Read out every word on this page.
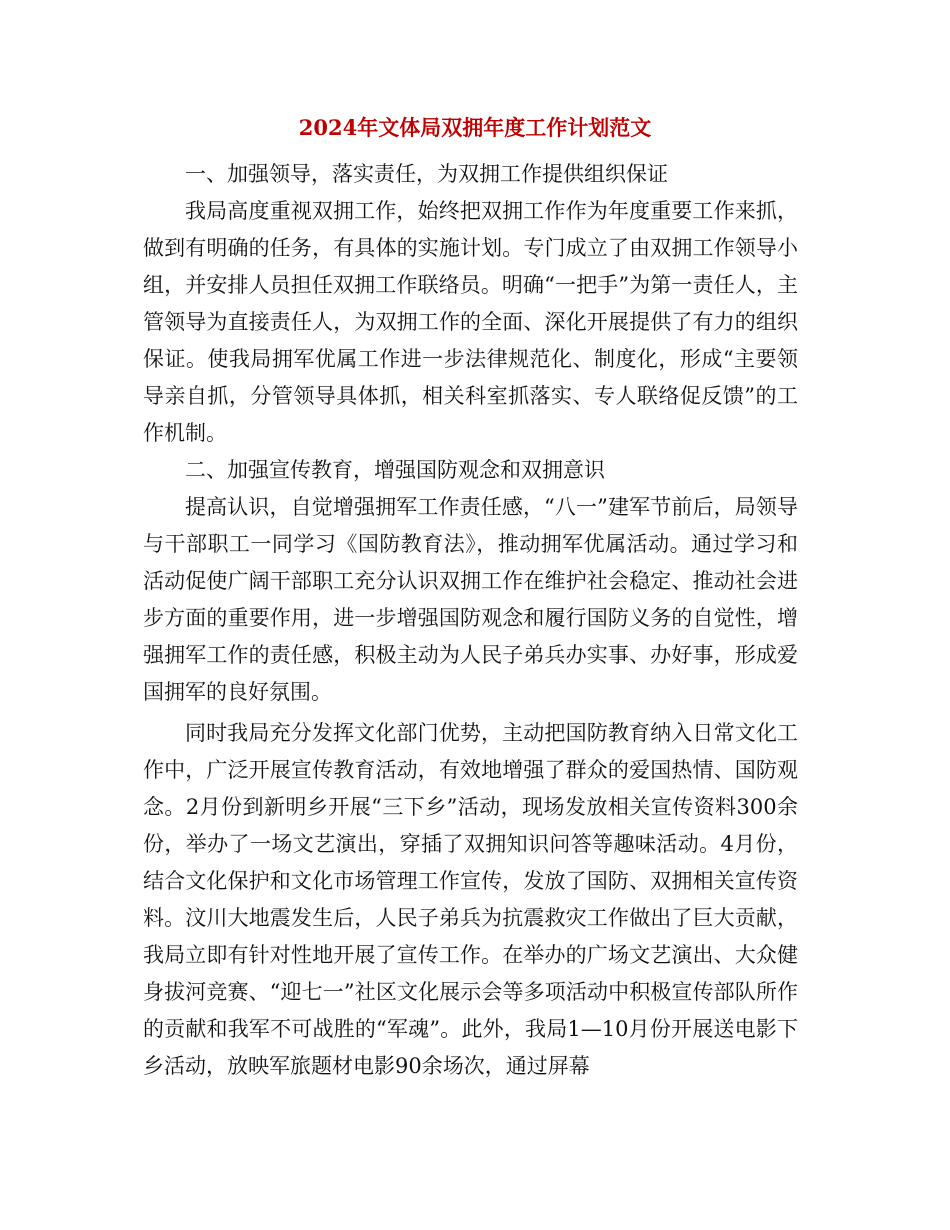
2024年文体局双拥年度工作计划范文

一、加强领导，落实责任，为双拥工作提供组织保证

我局高度重视双拥工作，始终把双拥工作作为年度重要工作来抓，做到有明确的任务，有具体的实施计划。专门成立了由双拥工作领导小组，并安排人员担任双拥工作联络员。明确“一把手”为第一责任人，主管领导为直接责任人，为双拥工作的全面、深化开展提供了有力的组织保证。使我局拥军优属工作进一步法律规范化、制度化，形成“主要领导亲自抓，分管领导具体抓，相关科室抓落实、专人联络促反馈”的工作机制。

二、加强宣传教育，增强国防观念和双拥意识

提高认识，自觉增强拥军工作责任感，“八一”建军节前后，局领导与干部职工一同学习《国防教育法》，推动拥军优属活动。通过学习和活动促使广阔干部职工充分认识双拥工作在维护社会稳定、推动社会进步方面的重要作用，进一步增强国防观念和履行国防义务的自觉性，增强拥军工作的责任感，积极主动为人民子弟兵办实事、办好事，形成爱国拥军的良好氛围。

同时我局充分发挥文化部门优势，主动把国防教育纳入日常文化工作中，广泛开展宣传教育活动，有效地增强了群众的爱国热情、国防观念。2月份到新明乡开展“三下乡”活动，现场发放相关宣传资料300余份，举办了一场文艺演出，穿插了双拥知识问答等趣味活动。4月份，结合文化保护和文化市场管理工作宣传，发放了国防、双拥相关宣传资料。汶川大地震发生后，人民子弟兵为抗震救灾工作做出了巨大贡献，我局立即有针对性地开展了宣传工作。在举办的广场文艺演出、大众健身拔河竞赛、“迎七一”社区文化展示会等多项活动中积极宣传部队所作的贡献和我军不可战胜的“军魂”。此外，我局1—10月份开展送电影下乡活动，放映军旅题材电影90余场次，通过屏幕
